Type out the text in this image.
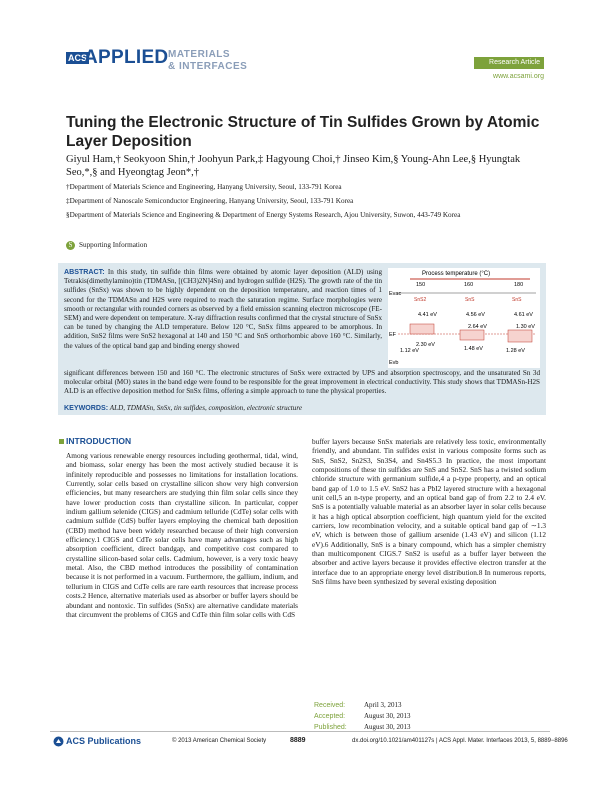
ACS
APPLIED MATERIALS
& INTERFACES	Research Article
www.acsami.org
Tuning the Electronic Structure of Tin Sulfides Grown by Atomic Layer Deposition
Giyul Ham,† Seokyoon Shin,† Joohyun Park,‡ Hagyoung Choi,† Jinseo Kim,§ Young-Ahn Lee,§ Hyungtak Seo,*,§ and Hyeongtag Jeon*,†
†Department of Materials Science and Engineering, Hanyang University, Seoul, 133-791 Korea
‡Department of Nanoscale Semiconductor Engineering, Hanyang University, Seoul, 133-791 Korea
§Department of Materials Science and Engineering & Department of Energy Systems Research, Ajou University, Suwon, 443-749 Korea
S Supporting Information
ABSTRACT: In this study, tin sulfide thin films were obtained by atomic layer deposition (ALD) using Tetrakis(dimethylamino)tin (TDMASn, [(CH3)2N]4Sn) and hydrogen sulfide (H2S). The growth rate of the tin sulfides (SnSx) was shown to be highly dependent on the deposition temperature, and reaction times of 1 second for the TDMASn and H2S were required to reach the saturation regime. Surface morphologies were smooth or rectangular with rounded corners as observed by a field emission scanning electron microscope (FE-SEM) and were dependent on temperature. X-ray diffraction results confirmed that the crystal structure of SnSx can be tuned by changing the ALD temperature. Below 120 °C, SnSx films appeared to be amorphous. In addition, SnS2 films were SnS2 hexagonal at 140 and 150 °C and SnS orthorhombic above 160 °C. Similarly, the values of the optical band gap and binding energy showed
significant differences between 150 and 160 °C. The electronic structures of SnSx were extracted by UPS and absorption spectroscopy, and the unsaturated Sn 3d molecular orbital (MO) states in the band edge were found to be responsible for the great improvement in electrical conductivity. This study shows that TDMASn-H2S ALD is an effective deposition method for SnSx films, offering a simple approach to tune the physical properties.
KEYWORDS: ALD, TDMASn, SnSx, tin sulfides, composition, electronic structure
Process temperature (°C)
150	160	180
Evac
EF
Evb
SnS2	SnS	SnS
4.41 eV
2.30 eV
4.56 eV
2.64 eV
1.48 eV
4.61 eV
1.30 eV
1.28 eV
1.12 eV
INTRODUCTION
Among various renewable energy resources including geothermal, tidal, wind, and biomass, solar energy has been the most actively studied because it is infinitely reproducible and possesses no limitations for installation locations. Currently, solar cells based on crystalline silicon show very high conversion efficiencies, but many researchers are studying thin film solar cells since they have lower production costs than crystalline silicon. In particular, copper indium gallium selenide (CIGS) and cadmium telluride (CdTe) solar cells with cadmium sulfide (CdS) buffer layers employing the chemical bath deposition (CBD) method have been widely researched because of their high conversion efficiency.1 CIGS and CdTe solar cells have many advantages such as high absorption coefficient, direct bandgap, and competitive cost compared to crystalline silicon-based solar cells. Cadmium, however, is a very toxic heavy metal. Also, the CBD method introduces the possibility of contamination because it is not performed in a vacuum. Furthermore, the gallium, indium, and tellurium in CIGS and CdTe cells are rare earth resources that increase process costs.2 Hence, alternative materials used as absorber or buffer layers should be abundant and nontoxic. Tin sulfides (SnSx) are alternative candidate materials that circumvent the problems of CIGS and CdTe thin film solar cells with CdS
buffer layers because SnSx materials are relatively less toxic, environmentally friendly, and abundant. Tin sulfides exist in various composite forms such as SnS, SnS2, Sn2S3, Sn3S4, and Sn4S5.3 In practice, the most important compositions of these tin sulfides are SnS and SnS2. SnS has a twisted sodium chloride structure with germanium sulfide,4 a p-type property, and an optical band gap of 1.0 to 1.5 eV. SnS2 has a PbI2 layered structure with a hexagonal unit cell,5 an n-type property, and an optical band gap of from 2.2 to 2.4 eV. SnS is a potentially valuable material as an absorber layer in solar cells because it has a high optical absorption coefficient, high quantum yield for the excited carriers, low recombination velocity, and a suitable optical band gap of ∼1.3 eV, which is between those of gallium arsenide (1.43 eV) and silicon (1.12 eV).6 Additionally, SnS is a binary compound, which has a simpler chemistry than multicomponent CIGS.7 SnS2 is useful as a buffer layer between the absorber and active layers because it provides effective electron transfer at the interface due to an appropriate energy level distribution.8 In numerous reports, SnS films have been synthesized by several existing deposition
Received:	April 3, 2013
Accepted:	August 30, 2013
Published: August 30, 2013
ACS Publications	© 2013 American Chemical Society	8889	dx.doi.org/10.1021/am401127s | ACS Appl. Mater. Interfaces 2013, 5, 8889−8896
